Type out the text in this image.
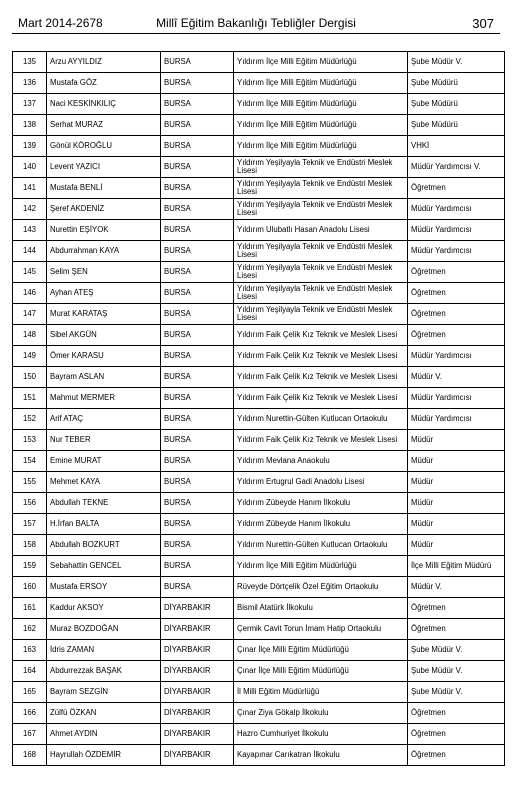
Mart 2014-2678	Millî Eğitim Bakanlığı Tebliğler Dergisi	307
135	Arzu AYYILDIZ	BURSA	Yıldırım İlçe Milli Eğitim Müdürlüğü	Şube Müdür V.
136	Mustafa GÖZ	BURSA	Yıldırım İlçe Milli Eğitim Müdürlüğü	Şube Müdürü
137	Naci KESKİNKILIÇ	BURSA	Yıldırım İlçe Milli Eğitim Müdürlüğü	Şube Müdürü
138	Serhat MURAZ	BURSA	Yıldırım İlçe Milli Eğitim Müdürlüğü	Şube Müdürü
139	Gönül KÖROĞLU	BURSA	Yıldırım İlçe Milli Eğitim Müdürlüğü	VHKİ
140	Levent YAZICI	BURSA	Yıldırım Yeşilyayla Teknik ve Endüstri Meslek Lisesi	Müdür Yardımcısı V.
141	Mustafa BENLİ	BURSA	Yıldırım Yeşilyayla Teknik ve Endüstri Meslek Lisesi	Öğretmen
142	Şeref AKDENİZ	BURSA	Yıldırım Yeşilyayla Teknik ve Endüstri Meslek Lisesi	Müdür Yardımcısı
143	Nurettin EŞİYOK	BURSA	Yıldırım Ulubatlı Hasan Anadolu Lisesi	Müdür Yardımcısı
144	Abdurrahman KAYA	BURSA	Yıldırım Yeşilyayla Teknik ve Endüstri Meslek Lisesi	Müdür Yardımcısı
145	Selim ŞEN	BURSA	Yıldırım Yeşilyayla Teknik ve Endüstri Meslek Lisesi	Öğretmen
146	Ayhan ATEŞ	BURSA	Yıldırım Yeşilyayla Teknik ve Endüstri Meslek Lisesi	Öğretmen
147	Murat KARATAŞ	BURSA	Yıldırım Yeşilyayla Teknik ve Endüstri Meslek Lisesi	Öğretmen
148	Sibel AKGÜN	BURSA	Yıldırım Faik Çelik Kız Teknik ve Meslek Lisesi	Öğretmen
149	Ömer KARASU	BURSA	Yıldırım Faik Çelik Kız Teknik ve Meslek Lisesi	Müdür Yardımcısı
150	Bayram ASLAN	BURSA	Yıldırım Faik Çelik Kız Teknik ve Meslek Lisesi	Müdür V.
151	Mahmut MERMER	BURSA	Yıldırım Faik Çelik Kız Teknik ve Meslek Lisesi	Müdür Yardımcısı
152	Arif ATAÇ	BURSA	Yıldırım Nurettin-Gülten Kutlucan Ortaokulu	Müdür Yardımcısı
153	Nur TEBER	BURSA	Yıldırım Faik Çelik Kız Teknik ve Meslek Lisesi	Müdür
154	Emine MURAT	BURSA	Yıldırım Mevlana Anaokulu	Müdür
155	Mehmet KAYA	BURSA	Yıldırım Ertugrul Gadi Anadolu Lisesi	Müdür
156	Abdullah TEKNE	BURSA	Yıldırım Zübeyde Hanım İlkokulu	Müdür
157	H.İrfan BALTA	BURSA	Yıldırım Zübeyde Hanım İlkokulu	Müdür
158	Abdullah BOZKURT	BURSA	Yıldırım Nurettin-Gülten Kutlucan Ortaokulu	Müdür
159	Sebahattin GENCEL	BURSA	Yıldırım İlçe Milli Eğitim Müdürlüğü	İlçe Milli Eğitim Müdürü
160	Mustafa ERSOY	BURSA	Rüveyde Dörtçelik Özel Eğitim Ortaokulu	Müdür V.
161	Kaddur AKSOY	DİYARBAKIR	Bismil Atatürk İlkokulu	Öğretmen
162	Muraz BOZDOĞAN	DİYARBAKIR	Çermik Cavit Torun İmam Hatip Ortaokulu	Öğretmen
163	İdris ZAMAN	DİYARBAKIR	Çınar İlçe Milli Eğitim Müdürlüğü	Şube Müdür V.
164	Abdurrezzak BAŞAK	DİYARBAKIR	Çınar İlçe Milli Eğitim Müdürlüğü	Şube Müdür V.
165	Bayram SEZGİN	DİYARBAKIR	İl Milli Eğitim Müdürlüğü	Şube Müdür V.
166	Zülfü ÖZKAN	DİYARBAKIR	Çınar Ziya Gökalp İlkokulu	Öğretmen
167	Ahmet AYDIN	DİYARBAKIR	Hazro Cumhuriyet İlkokulu	Öğretmen
168	Hayrullah ÖZDEMİR	DİYARBAKIR	Kayapınar Carıkatran İlkokulu	Öğretmen
